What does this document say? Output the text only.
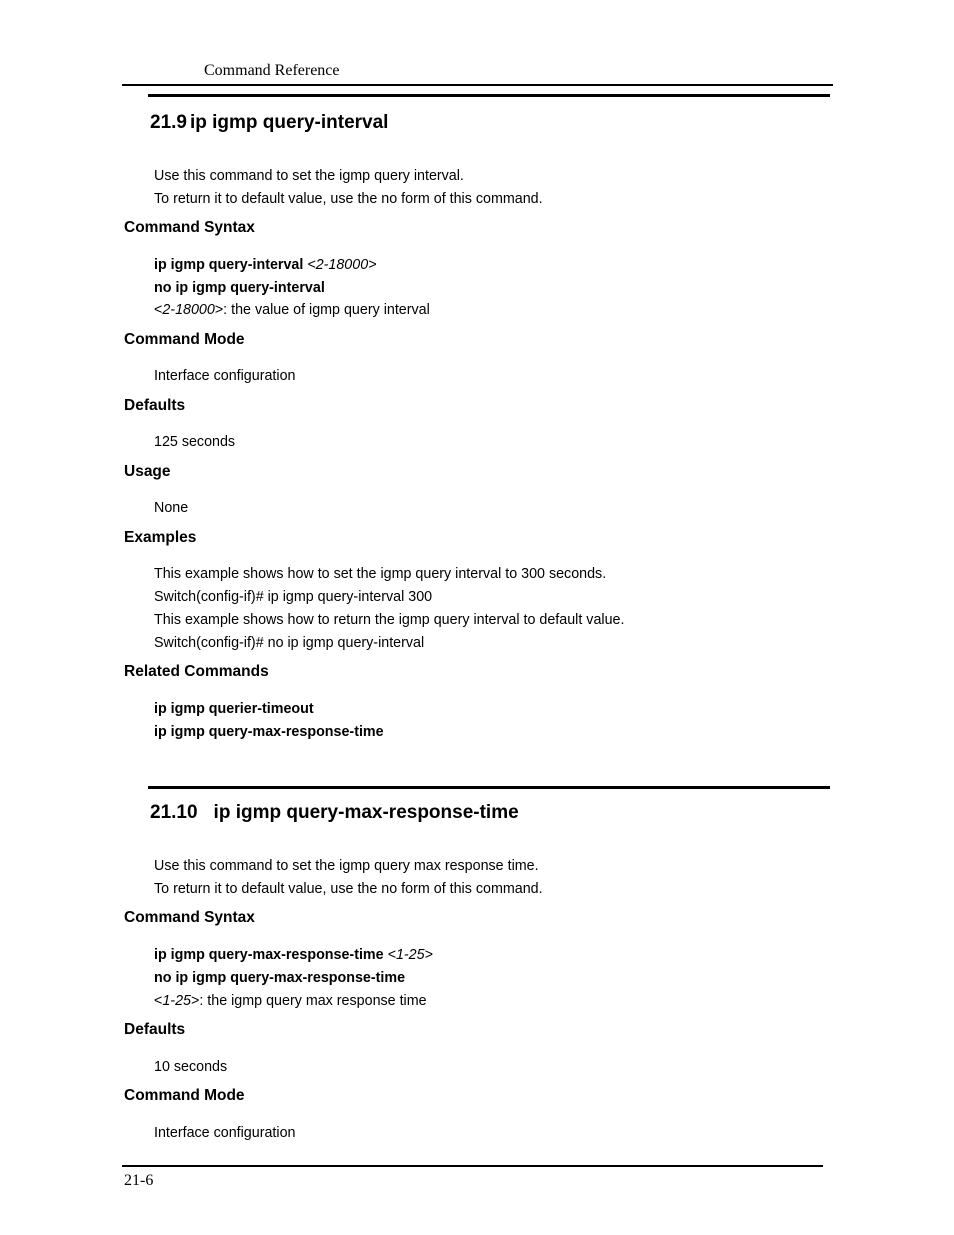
Command Reference
21.9 ip igmp query-interval
Use this command to set the igmp query interval.
To return it to default value, use the no form of this command.
Command Syntax
ip igmp query-interval <2-18000>
no ip igmp query-interval
<2-18000>: the value of igmp query interval
Command Mode
Interface configuration
Defaults
125 seconds
Usage
None
Examples
This example shows how to set the igmp query interval to 300 seconds.
Switch(config-if)# ip igmp query-interval 300
This example shows how to return the igmp query interval to default value.
Switch(config-if)# no ip igmp query-interval
Related Commands
ip igmp querier-timeout
ip igmp query-max-response-time
21.10 ip igmp query-max-response-time
Use this command to set the igmp query max response time.
To return it to default value, use the no form of this command.
Command Syntax
ip igmp query-max-response-time <1-25>
no ip igmp query-max-response-time
<1-25>: the igmp query max response time
Defaults
10 seconds
Command Mode
Interface configuration
21-6
